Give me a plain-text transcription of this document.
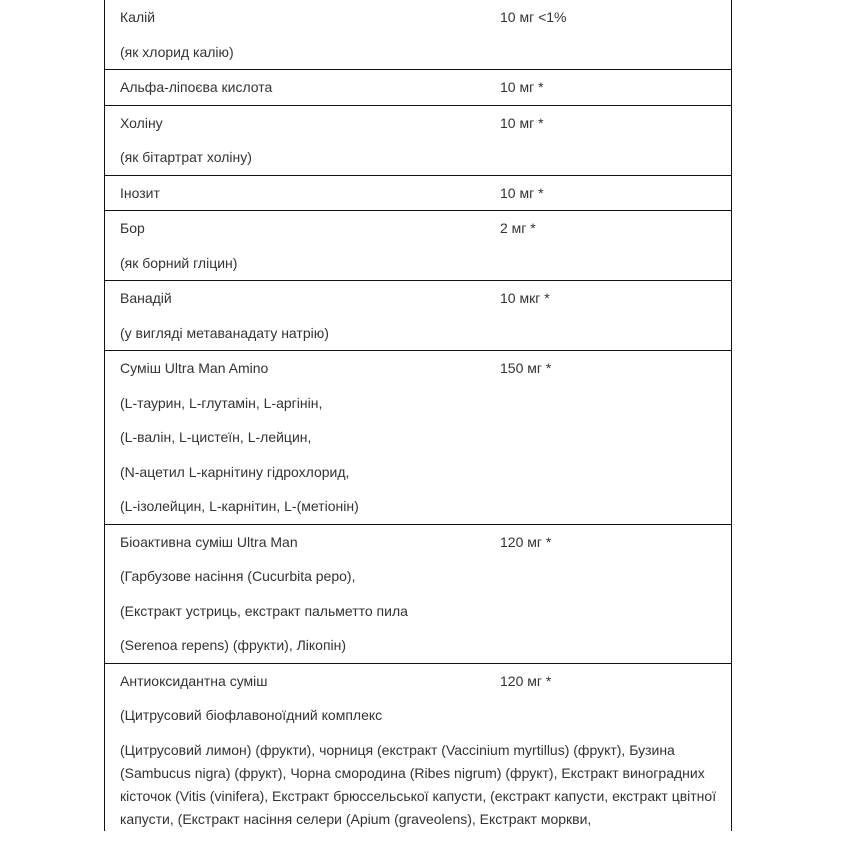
Калій
(як хлорид калію)
10 мг <1%
Альфа-ліпоєва кислота	10 мг *
Холіну
(як бітартрат холіну)
10 мг *
Інозит	10 мг *
Бор
(як борний гліцин)
2 мг *
Ванадій
(у вигляді метаванадату натрію)
10 мкг *
Суміш Ultra Man Amino
(L-таурин, L-глутамін, L-аргінін,
(L-валін, L-цистеїн, L-лейцин,
(N-ацетил L-карнітину гідрохлорид,
(L-ізолейцин, L-карнітин, L-(метіонін)
150 мг *
Біоактивна суміш Ultra Man
(Гарбузове насіння (Cucurbita pepo),
(Екстракт устриць, екстракт пальметто пила
(Serenoa repens) (фрукти), Лікопін)
120 мг *
Антиоксидантна суміш
(Цитрусовий біофлавоноїдний комплекс
120 мг *
(Цитрусовий лимон) (фрукти), чорниця (екстракт (Vaccinium myrtillus) (фрукт), Бузина (Sambucus nigra) (фрукт), Чорна смородина (Ribes nigrum) (фрукт), Екстракт виноградних кісточок (Vitis (vinifera), Екстракт брюссельської капусти, (екстракт капусти, екстракт цвітної капусти, (Екстракт насіння селери (Apium (graveolens), Екстракт моркви,
